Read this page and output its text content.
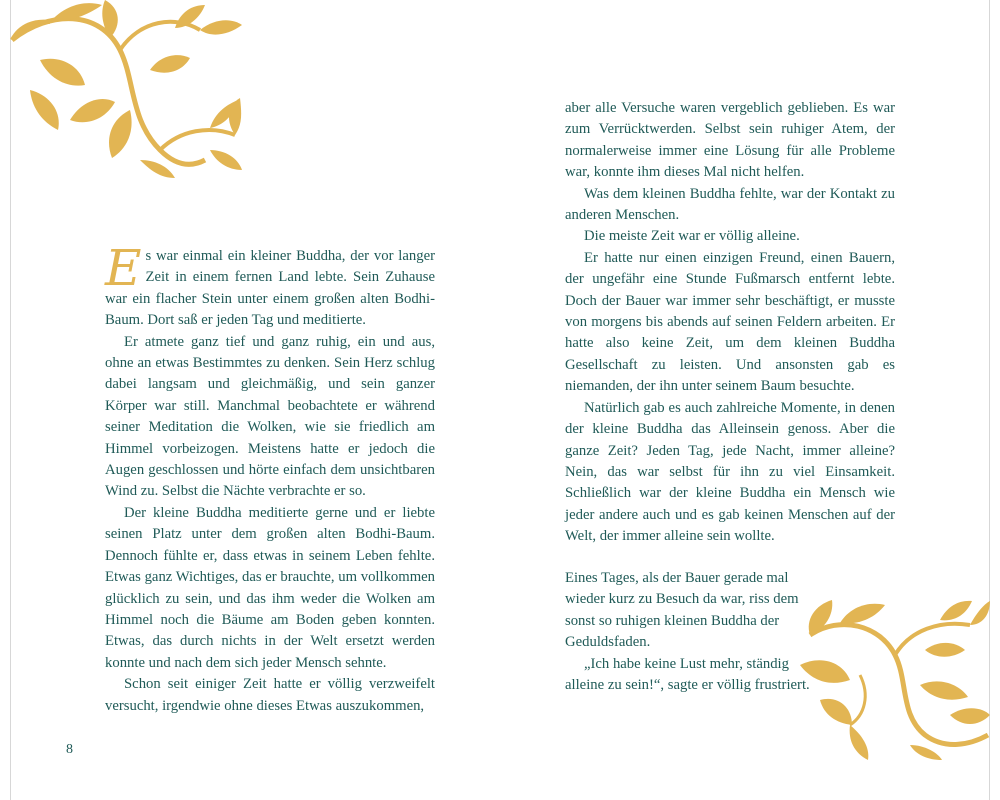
Es war einmal ein kleiner Buddha, der vor langer Zeit in einem fernen Land lebte. Sein Zuhause war ein flacher Stein unter einem großen alten Bodhi-Baum. Dort saß er jeden Tag und meditierte.

Er atmete ganz tief und ganz ruhig, ein und aus, ohne an etwas Bestimmtes zu denken. Sein Herz schlug dabei langsam und gleichmäßig, und sein ganzer Körper war still. Manchmal beobachtete er während seiner Meditation die Wolken, wie sie friedlich am Himmel vorbeizogen. Meistens hatte er jedoch die Augen geschlossen und hörte einfach dem unsichtbaren Wind zu. Selbst die Nächte verbrachte er so.

Der kleine Buddha meditierte gerne und er liebte seinen Platz unter dem großen alten Bodhi-Baum. Dennoch fühlte er, dass etwas in seinem Leben fehlte. Etwas ganz Wichtiges, das er brauchte, um vollkommen glücklich zu sein, und das ihm weder die Wolken am Himmel noch die Bäume am Boden geben konnten. Etwas, das durch nichts in der Welt ersetzt werden konnte und nach dem sich jeder Mensch sehnte.

Schon seit einiger Zeit hatte er völlig verzweifelt versucht, irgendwie ohne dieses Etwas auszukommen,

aber alle Versuche waren vergeblich geblieben. Es war zum Verrücktwerden. Selbst sein ruhiger Atem, der normalerweise immer eine Lösung für alle Probleme war, konnte ihm dieses Mal nicht helfen.

Was dem kleinen Buddha fehlte, war der Kontakt zu anderen Menschen.

Die meiste Zeit war er völlig alleine.

Er hatte nur einen einzigen Freund, einen Bauern, der ungefähr eine Stunde Fußmarsch entfernt lebte. Doch der Bauer war immer sehr beschäftigt, er musste von morgens bis abends auf seinen Feldern arbeiten. Er hatte also keine Zeit, um dem kleinen Buddha Gesellschaft zu leisten. Und ansonsten gab es niemanden, der ihn unter seinem Baum besuchte.

Natürlich gab es auch zahlreiche Momente, in denen der kleine Buddha das Alleinsein genoss. Aber die ganze Zeit? Jeden Tag, jede Nacht, immer alleine? Nein, das war selbst für ihn zu viel Einsamkeit. Schließlich war der kleine Buddha ein Mensch wie jeder andere auch und es gab keinen Menschen auf der Welt, der immer alleine sein wollte.

Eines Tages, als der Bauer gerade mal wieder kurz zu Besuch da war, riss dem sonst so ruhigen kleinen Buddha der Geduldsfaden.

„Ich habe keine Lust mehr, ständig alleine zu sein!“, sagte er völlig frustriert.

8
